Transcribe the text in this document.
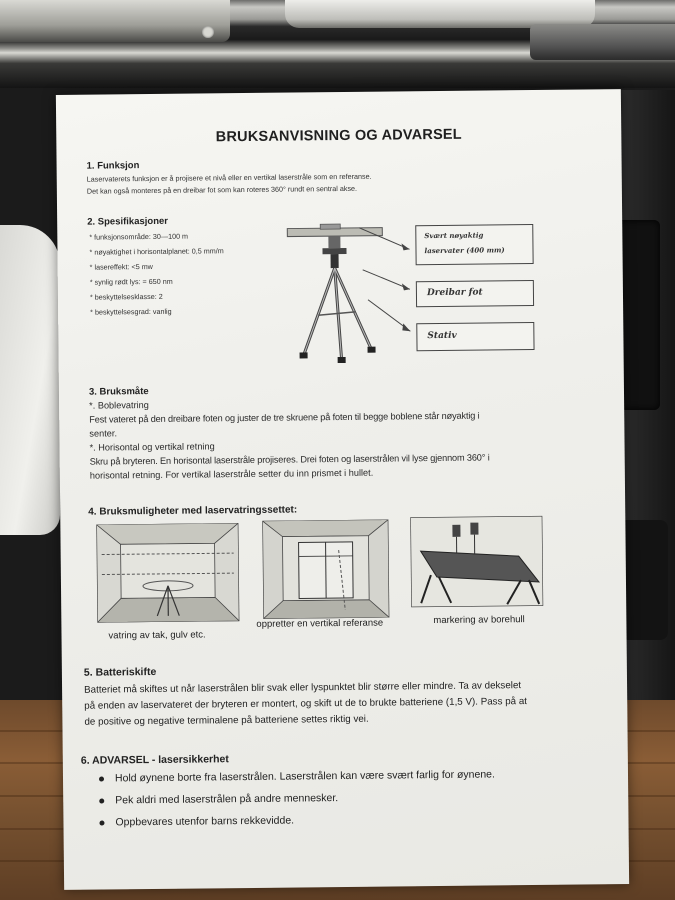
BRUKSANVISNING OG ADVARSEL
1. Funksjon
Laservaterets funksjon er å projisere et nivå eller en vertikal laserstråle som en referanse.
Det kan også monteres på en dreibar fot som kan roteres 360° rundt en sentral akse.
2. Spesifikasjoner
* funksjonsområde: 30—100 m
* nøyaktighet i horisontalplanet: 0,5 mm/m
* lasereffekt: <5 mw
* synlig rødt lys: = 650 nm
* beskyttelsesklasse: 2
* beskyttelsesgrad: vanlig
Svært nøyaktig
laservater (400 mm)
Dreibar fot
Stativ
3. Bruksmåte
*. Boblevatring
Fest vateret på den dreibare foten og juster de tre skruene på foten til begge boblene står nøyaktig i
senter.
*. Horisontal og vertikal retning
Skru på bryteren. En horisontal laserstråle projiseres. Drei foten og laserstrålen vil lyse gjennom 360° i
horisontal retning. For vertikal laserstråle setter du inn prismet i hullet.
4. Bruksmuligheter med laservatringssettet:
vatring av tak, gulv etc.
oppretter en vertikal referanse	markering av borehull
5. Batteriskifte
Batteriet må skiftes ut når laserstrålen blir svak eller lyspunktet blir større eller mindre. Ta av dekselet
på enden av laservateret der bryteren er montert, og skift ut de to brukte batteriene (1,5 V). Pass på at
de positive og negative terminalene på batteriene settes riktig vei.
6. ADVARSEL - lasersikkerhet
Hold øynene borte fra laserstrålen. Laserstrålen kan være svært farlig for øynene.
Pek aldri med laserstrålen på andre mennesker.
Oppbevares utenfor barns rekkevidde.
